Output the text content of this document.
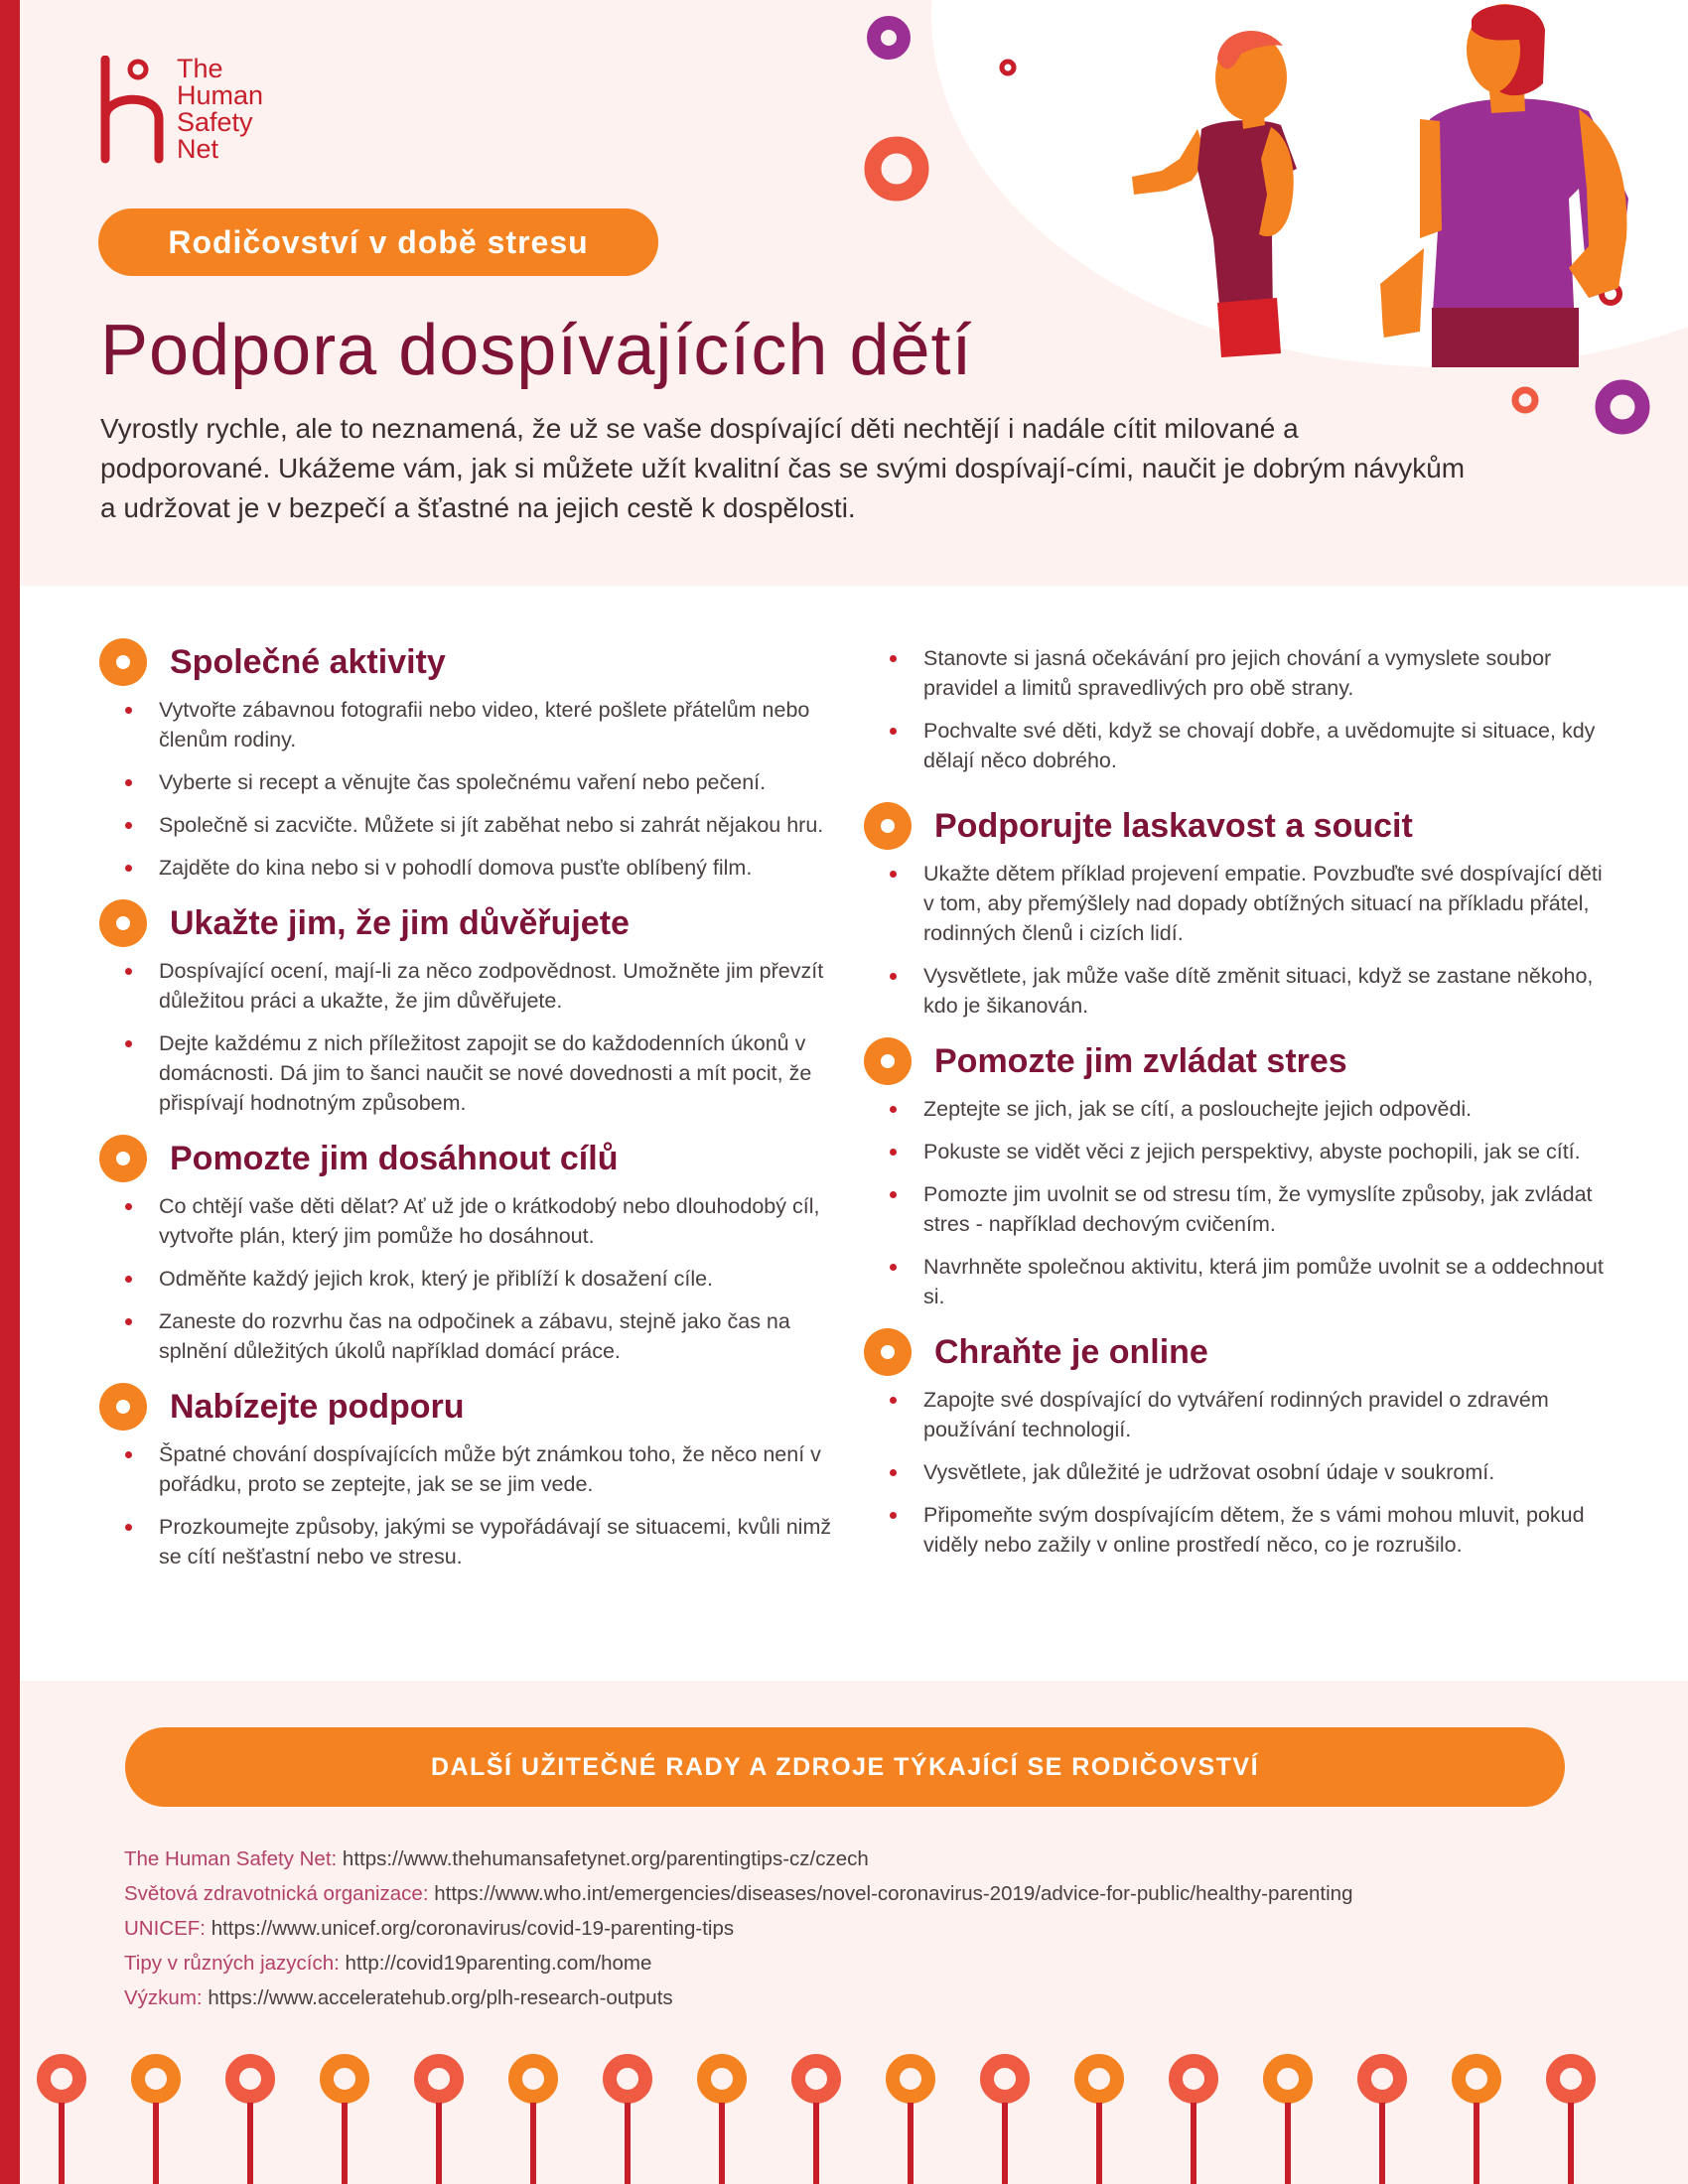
The
Human
Safety
Net
Rodičovství v době stresu
Podpora dospívajících dětí

Vyrostly rychle, ale to neznamená, že už se vaše dospívající děti nechtějí i nadále cítit milované a podporované. Ukážeme vám, jak si můžete užít kvalitní čas se svými dospívají-cími, naučit je dobrým návykům a udržovat je v bezpečí a šťastné na jejich cestě k dospělosti.

Společné aktivity
Vytvořte zábavnou fotografii nebo video, které pošlete přátelům nebo členům rodiny.
Vyberte si recept a věnujte čas společnému vaření nebo pečení.
Společně si zacvičte. Můžete si jít zaběhat nebo si zahrát nějakou hru.
Zajděte do kina nebo si v pohodlí domova pusťte oblíbený film.
Ukažte jim, že jim důvěřujete
Dospívající ocení, mají-li za něco zodpovědnost. Umožněte jim převzít důležitou práci a ukažte, že jim důvěřujete.
Dejte každému z nich příležitost zapojit se do každodenních úkonů v domácnosti. Dá jim to šanci naučit se nové dovednosti a mít pocit, že přispívají hodnotným způsobem.
Pomozte jim dosáhnout cílů
Co chtějí vaše děti dělat? Ať už jde o krátkodobý nebo dlouhodobý cíl, vytvořte plán, který jim pomůže ho dosáhnout.
Odměňte každý jejich krok, který je přiblíží k dosažení cíle.
Zaneste do rozvrhu čas na odpočinek a zábavu, stejně jako čas na splnění důležitých úkolů například domácí práce.
Nabízejte podporu
Špatné chování dospívajících může být známkou toho, že něco není v pořádku, proto se zeptejte, jak se se jim vede.
Prozkoumejte způsoby, jakými se vypořádávají se situacemi, kvůli nimž se cítí nešťastní nebo ve stresu.
Stanovte si jasná očekávání pro jejich chování a vymyslete soubor pravidel a limitů spravedlivých pro obě strany.
Pochvalte své děti, když se chovají dobře, a uvědomujte si situace, kdy dělají něco dobrého.
Podporujte laskavost a soucit
Ukažte dětem příklad projevení empatie. Povzbuďte své dospívající děti v tom, aby přemýšlely nad dopady obtížných situací na příkladu přátel, rodinných členů i cizích lidí.
Vysvětlete, jak může vaše dítě změnit situaci, když se zastane někoho, kdo je šikanován.
Pomozte jim zvládat stres
Zeptejte se jich, jak se cítí, a poslouchejte jejich odpovědi.
Pokuste se vidět věci z jejich perspektivy, abyste pochopili, jak se cítí.
Pomozte jim uvolnit se od stresu tím, že vymyslíte způsoby, jak zvládat stres - například dechovým cvičením.
Navrhněte společnou aktivitu, která jim pomůže uvolnit se a oddechnout si.
Chraňte je online
Zapojte své dospívající do vytváření rodinných pravidel o zdravém používání technologií.
Vysvětlete, jak důležité je udržovat osobní údaje v soukromí.
Připomeňte svým dospívajícím dětem, že s vámi mohou mluvit, pokud viděly nebo zažily v online prostředí něco, co je rozrušilo.
DALŠÍ UŽITEČNÉ RADY A ZDROJE TÝKAJÍCÍ SE RODIČOVSTVÍ
The Human Safety Net: https://www.thehumansafetynet.org/parentingtips-cz/czech
Světová zdravotnická organizace: https://www.who.int/emergencies/diseases/novel-coronavirus-2019/advice-for-public/healthy-parenting
UNICEF: https://www.unicef.org/coronavirus/covid-19-parenting-tips
Tipy v různých jazycích: http://covid19parenting.com/home
Výzkum: https://www.acceleratehub.org/plh-research-outputs
